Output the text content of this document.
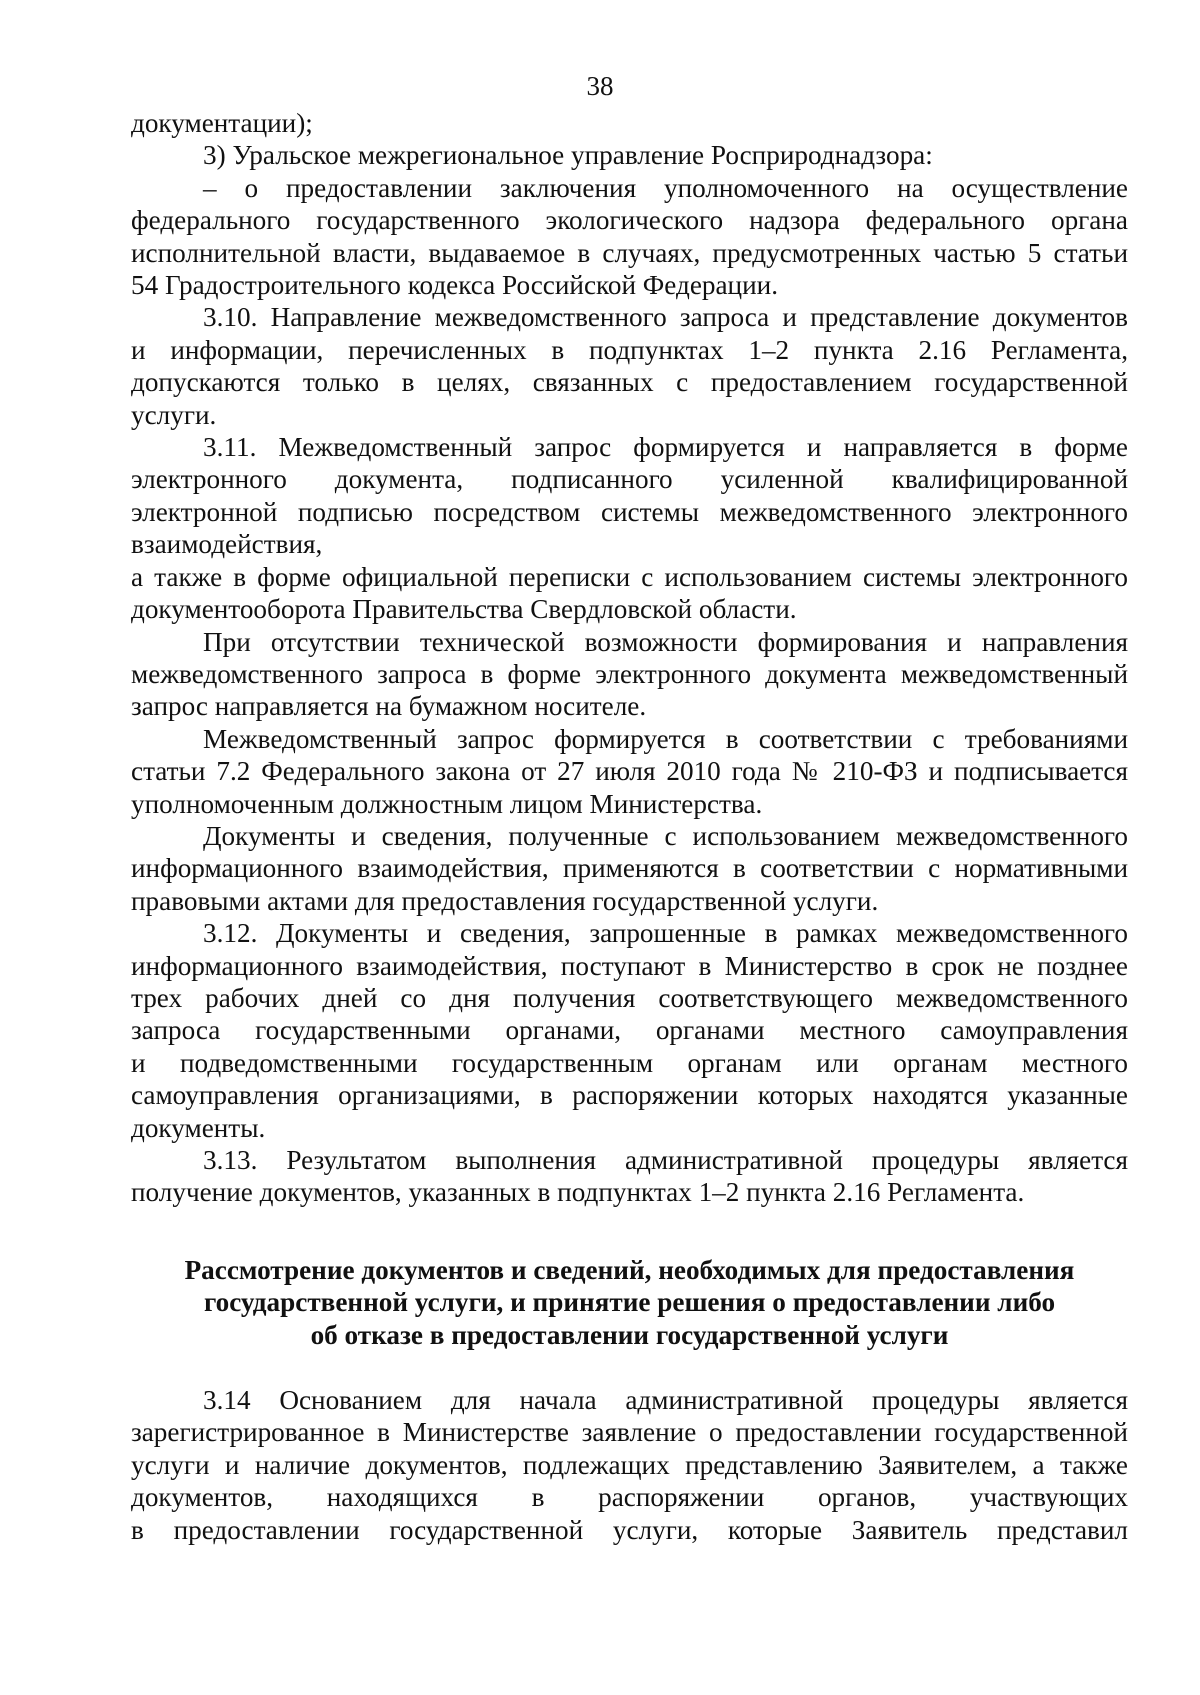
38
документации);
3) Уральское межрегиональное управление Росприроднадзора:
– о предоставлении заключения уполномоченного на осуществление
федерального государственного экологического надзора федерального органа
исполнительной власти, выдаваемое в случаях, предусмотренных частью 5 статьи
54 Градостроительного кодекса Российской Федерации.
3.10. Направление межведомственного запроса и представление документов
и информации, перечисленных в подпунктах 1–2 пункта 2.16 Регламента,
допускаются только в целях, связанных с предоставлением государственной
услуги.
3.11. Межведомственный запрос формируется и направляется в форме
электронного документа, подписанного усиленной квалифицированной
электронной подписью посредством системы межведомственного электронного
взаимодействия,
а также в форме официальной переписки с использованием системы электронного
документооборота Правительства Свердловской области.
При отсутствии технической возможности формирования и направления
межведомственного запроса в форме электронного документа межведомственный
запрос направляется на бумажном носителе.
Межведомственный запрос формируется в соответствии с требованиями
статьи 7.2 Федерального закона от 27 июля 2010 года № 210-ФЗ и подписывается
уполномоченным должностным лицом Министерства.
Документы и сведения, полученные с использованием межведомственного
информационного взаимодействия, применяются в соответствии с нормативными
правовыми актами для предоставления государственной услуги.
3.12. Документы и сведения, запрошенные в рамках межведомственного
информационного взаимодействия, поступают в Министерство в срок не позднее
трех рабочих дней со дня получения соответствующего межведомственного
запроса государственными органами, органами местного самоуправления
и подведомственными государственным органам или органам местного
самоуправления организациями, в распоряжении которых находятся указанные
документы.
3.13. Результатом выполнения административной процедуры является
получение документов, указанных в подпунктах 1–2 пункта 2.16 Регламента.

Рассмотрение документов и сведений, необходимых для предоставления

государственной услуги, и принятие решения о предоставлении либо

об отказе в предоставлении государственной услуги

3.14 Основанием для начала административной процедуры является
зарегистрированное в Министерстве заявление о предоставлении государственной
услуги и наличие документов, подлежащих представлению Заявителем, а также
документов, находящихся в распоряжении органов, участвующих
в предоставлении государственной услуги, которые Заявитель представил
